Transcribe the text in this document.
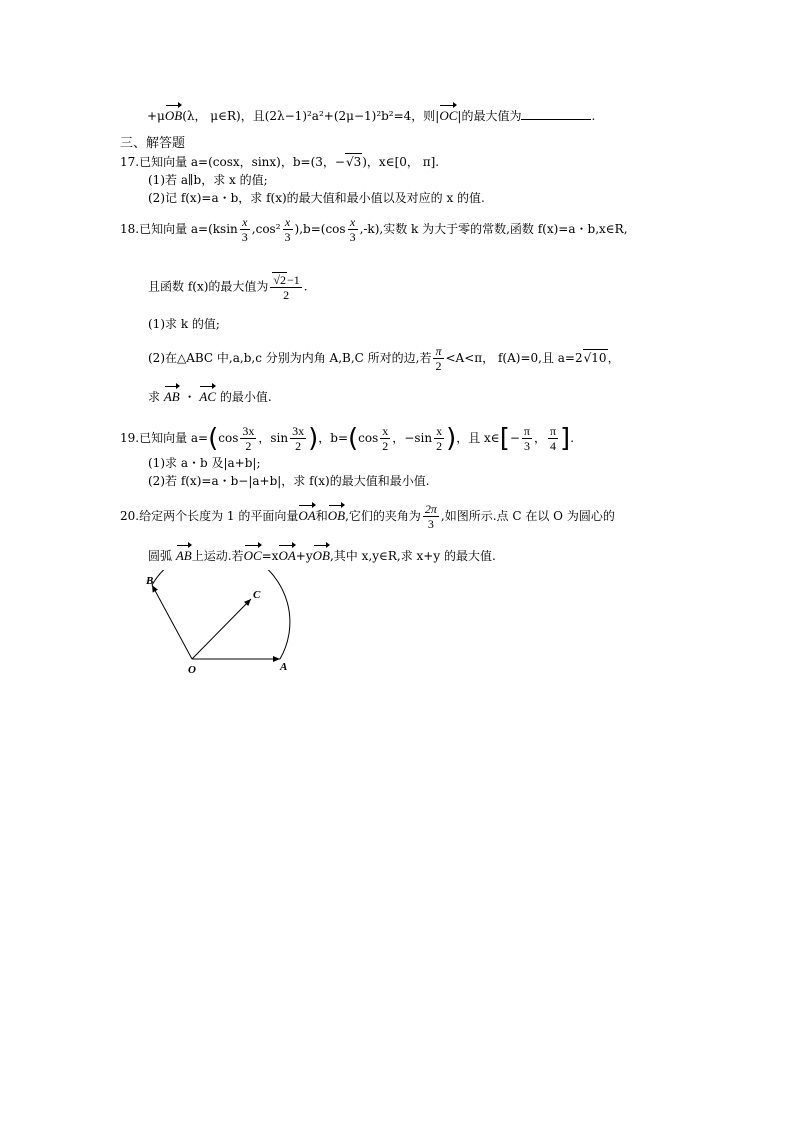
+μOB(λ， μ∈R)，且(2λ−1)²a²+(2μ−1)²b²=4，则|OC|的最大值为	.
三、解答题
17.已知向量 a=(cosx，sinx)，b=(3，−√3)，x∈[0， π].
(1)若 a∥b，求 x 的值;
(2)记 f(x)=a・b，求 f(x)的最大值和最小值以及对应的 x 的值.
18.已知向量 $a=(ksin \frac{x}{3} ,\cos^2 \frac{x}{3} ),b=(\cos \frac{x}{3} ,-k)$,实数 k 为大于零的常数,函数 f(x)=a・b,x∈R,
且函数 f(x)的最大值为 $\frac{√2-1}{2}$ .
(1)求 k 的值;
(2)在△ABC 中,a,b,c 分别为内角 A,B,C 所对的边,若 $\frac{\pi}{2} <A<\pi$， f(A)=0,且 a=2√10，
求 AB ・ AC 的最小值.
19.已知向量 $a=(\cos \frac{3x}{2}$ ，$\sin \frac{3x}{2}$ )，$b=(\cos \frac{x}{2}$ ，$-\sin \frac{x}{2}$ )，且 x∈[− $\frac{\pi}{3}$ ， $\frac{\pi}{4}$ ].
(1)求 a・b 及|a+b|;
(2)若 f(x)=a・b−|a+b|，求 f(x)的最大值和最小值.
20.给定两个长度为 1 的平面向量OA和OB,它们的夹角为 $\frac{2\pi}{3}$ ,如图所示.点 C 在以 O 为圆心的
圆弧 AB上运动.若OC=xOA+yOB,其中 x,y∈R,求 x+y 的最大值.
B
C
O	A
